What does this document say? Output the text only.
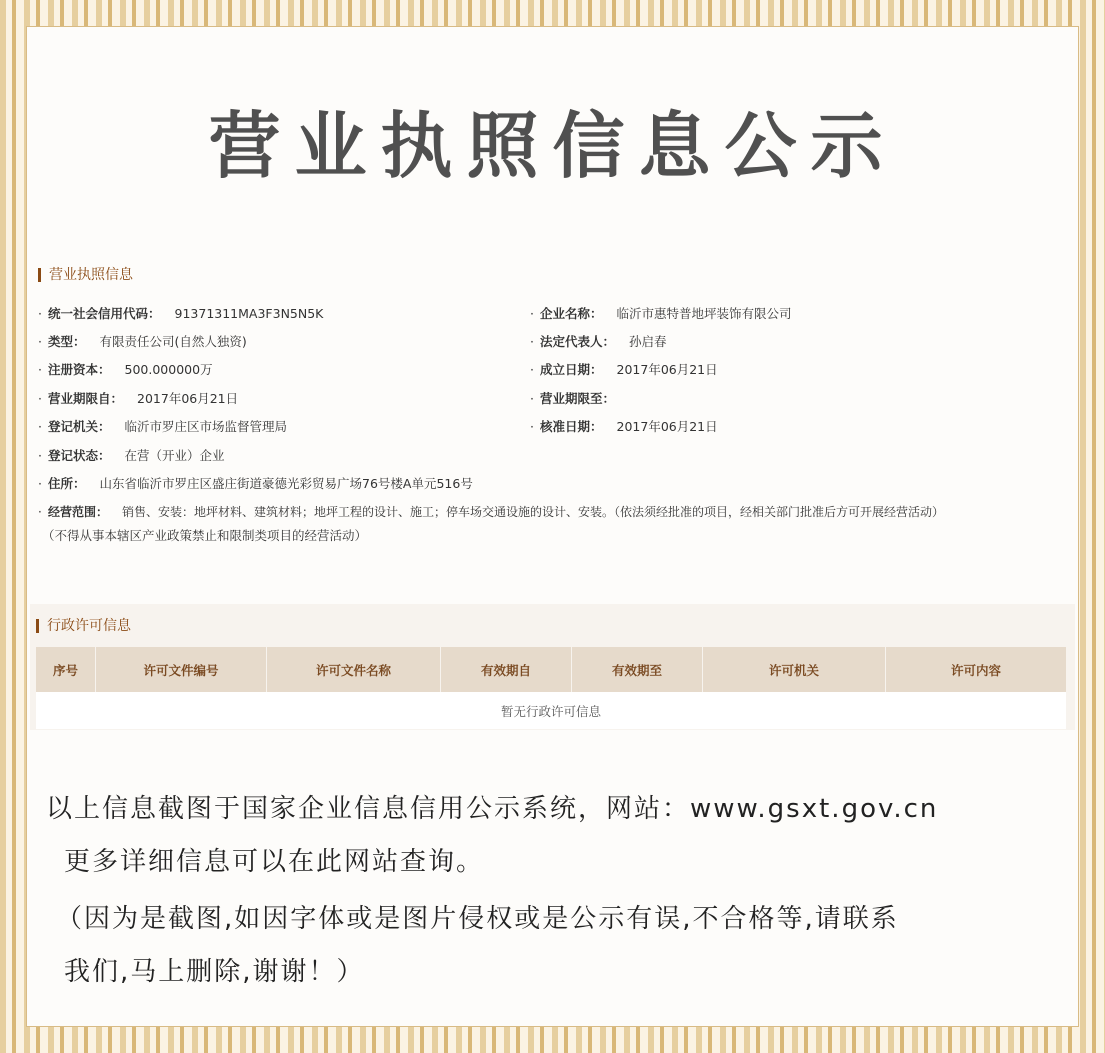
营业执照信息公示
营业执照信息
· 统一社会信用代码： 91371311MA3F3N5N5K	· 企业名称： 临沂市惠特普地坪装饰有限公司
· 类型： 有限责任公司(自然人独资)	· 法定代表人： 孙启春
· 注册资本： 500.000000万	· 成立日期： 2017年06月21日
· 营业期限自： 2017年06月21日	· 营业期限至：
· 登记机关： 临沂市罗庄区市场监督管理局	· 核准日期： 2017年06月21日
· 登记状态： 在营（开业）企业
· 住所： 山东省临沂市罗庄区盛庄街道豪德光彩贸易广场76号楼A单元516号
· 经营范围： 销售、安装：地坪材料、建筑材料；地坪工程的设计、施工；停车场交通设施的设计、安装。（依法须经批准的项目，经相关部门批准后方可开展经营活动）
（不得从事本辖区产业政策禁止和限制类项目的经营活动）
行政许可信息
序号	许可文件编号	许可文件名称	有效期自	有效期至	许可机关	许可内容
暂无行政许可信息
以上信息截图于国家企业信息信用公示系统，网站：www.gsxt.gov.cn
更多详细信息可以在此网站查询。
（因为是截图,如因字体或是图片侵权或是公示有误,不合格等,请联系
我们,马上删除,谢谢！）
